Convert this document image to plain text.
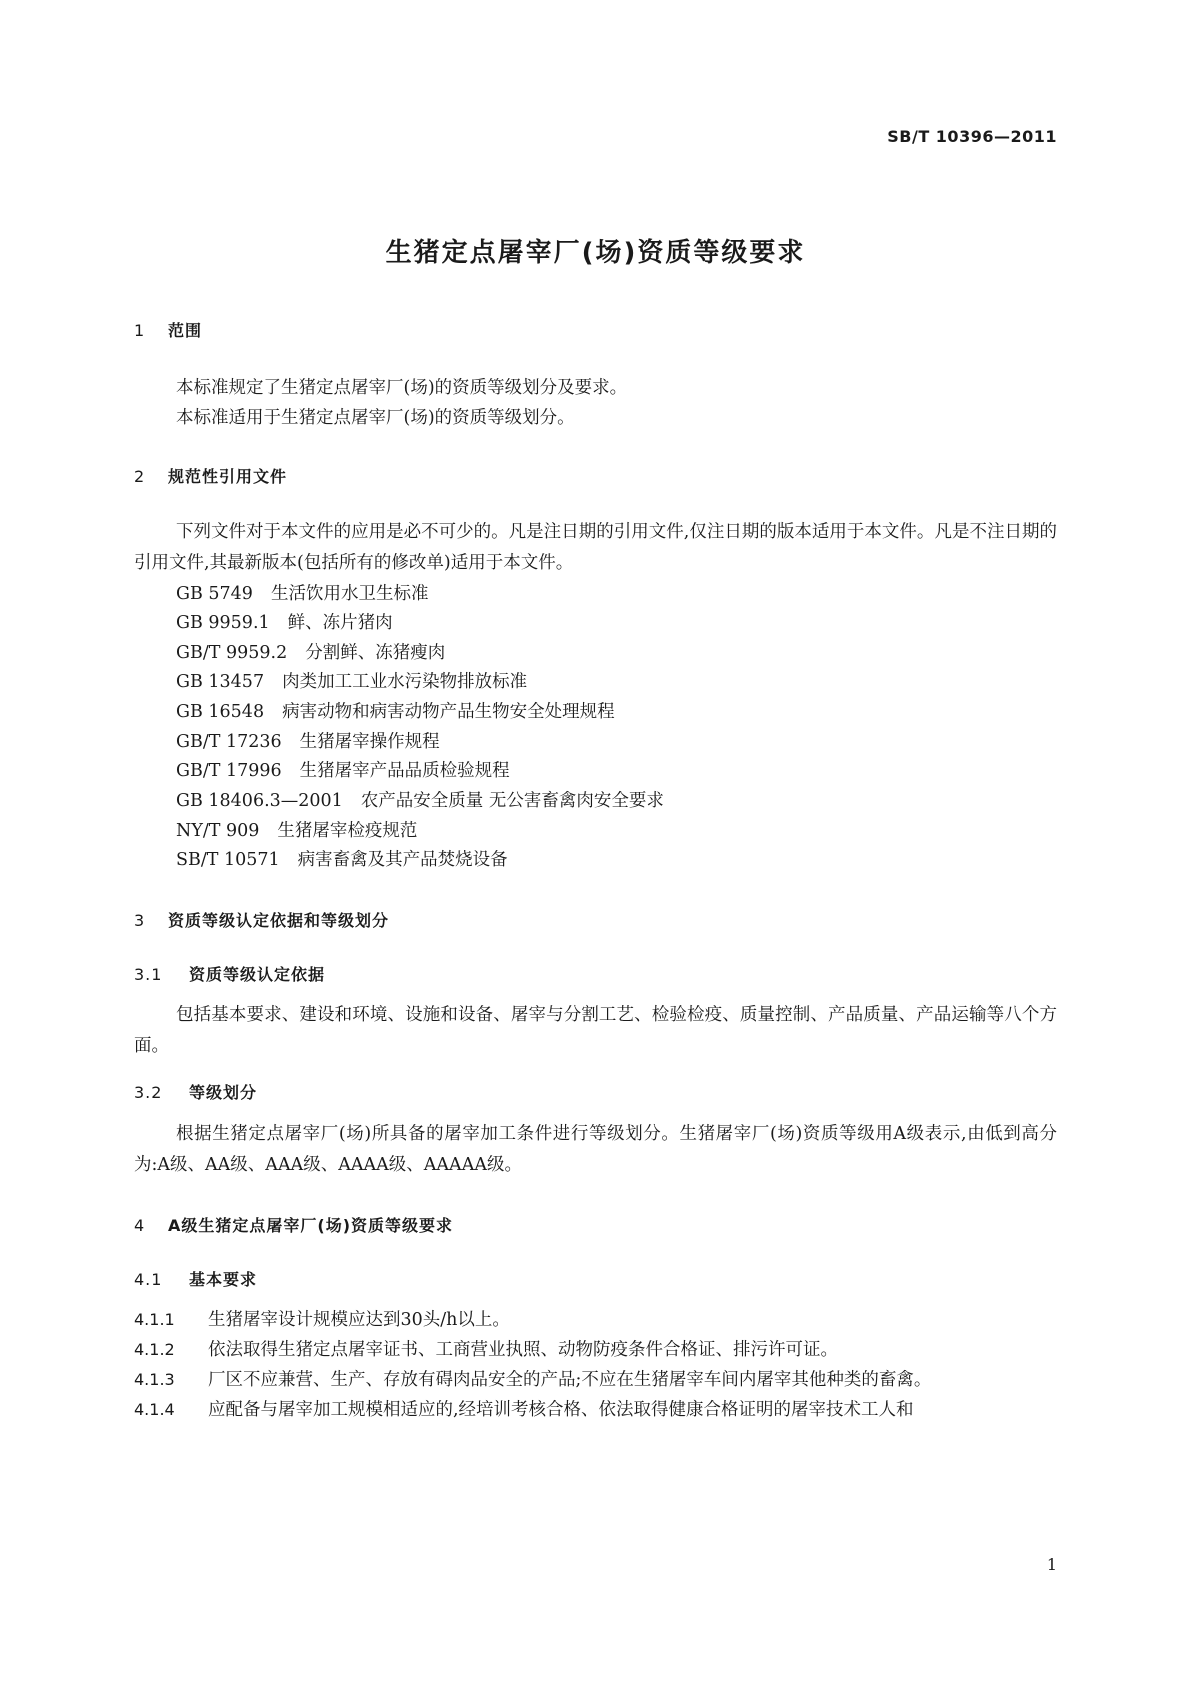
SB/T 10396—2011
生猪定点屠宰厂(场)资质等级要求
1 范围
本标准规定了生猪定点屠宰厂(场)的资质等级划分及要求。
本标准适用于生猪定点屠宰厂(场)的资质等级划分。
2 规范性引用文件
下列文件对于本文件的应用是必不可少的。凡是注日期的引用文件,仅注日期的版本适用于本文件。凡是不注日期的引用文件,其最新版本(包括所有的修改单)适用于本文件。
GB 5749 生活饮用水卫生标准
GB 9959.1 鲜、冻片猪肉
GB/T 9959.2 分割鲜、冻猪瘦肉
GB 13457 肉类加工工业水污染物排放标准
GB 16548 病害动物和病害动物产品生物安全处理规程
GB/T 17236 生猪屠宰操作规程
GB/T 17996 生猪屠宰产品品质检验规程
GB 18406.3—2001 农产品安全质量 无公害畜禽肉安全要求
NY/T 909 生猪屠宰检疫规范
SB/T 10571 病害畜禽及其产品焚烧设备
3 资质等级认定依据和等级划分
3.1 资质等级认定依据
包括基本要求、建设和环境、设施和设备、屠宰与分割工艺、检验检疫、质量控制、产品质量、产品运输等八个方面。
3.2 等级划分
根据生猪定点屠宰厂(场)所具备的屠宰加工条件进行等级划分。生猪屠宰厂(场)资质等级用A级表示,由低到高分为:A级、AA级、AAA级、AAAA级、AAAAA级。
4 A级生猪定点屠宰厂(场)资质等级要求
4.1 基本要求
4.1.1 生猪屠宰设计规模应达到30头/h以上。
4.1.2 依法取得生猪定点屠宰证书、工商营业执照、动物防疫条件合格证、排污许可证。
4.1.3 厂区不应兼营、生产、存放有碍肉品安全的产品;不应在生猪屠宰车间内屠宰其他种类的畜禽。
4.1.4 应配备与屠宰加工规模相适应的,经培训考核合格、依法取得健康合格证明的屠宰技术工人和
1
